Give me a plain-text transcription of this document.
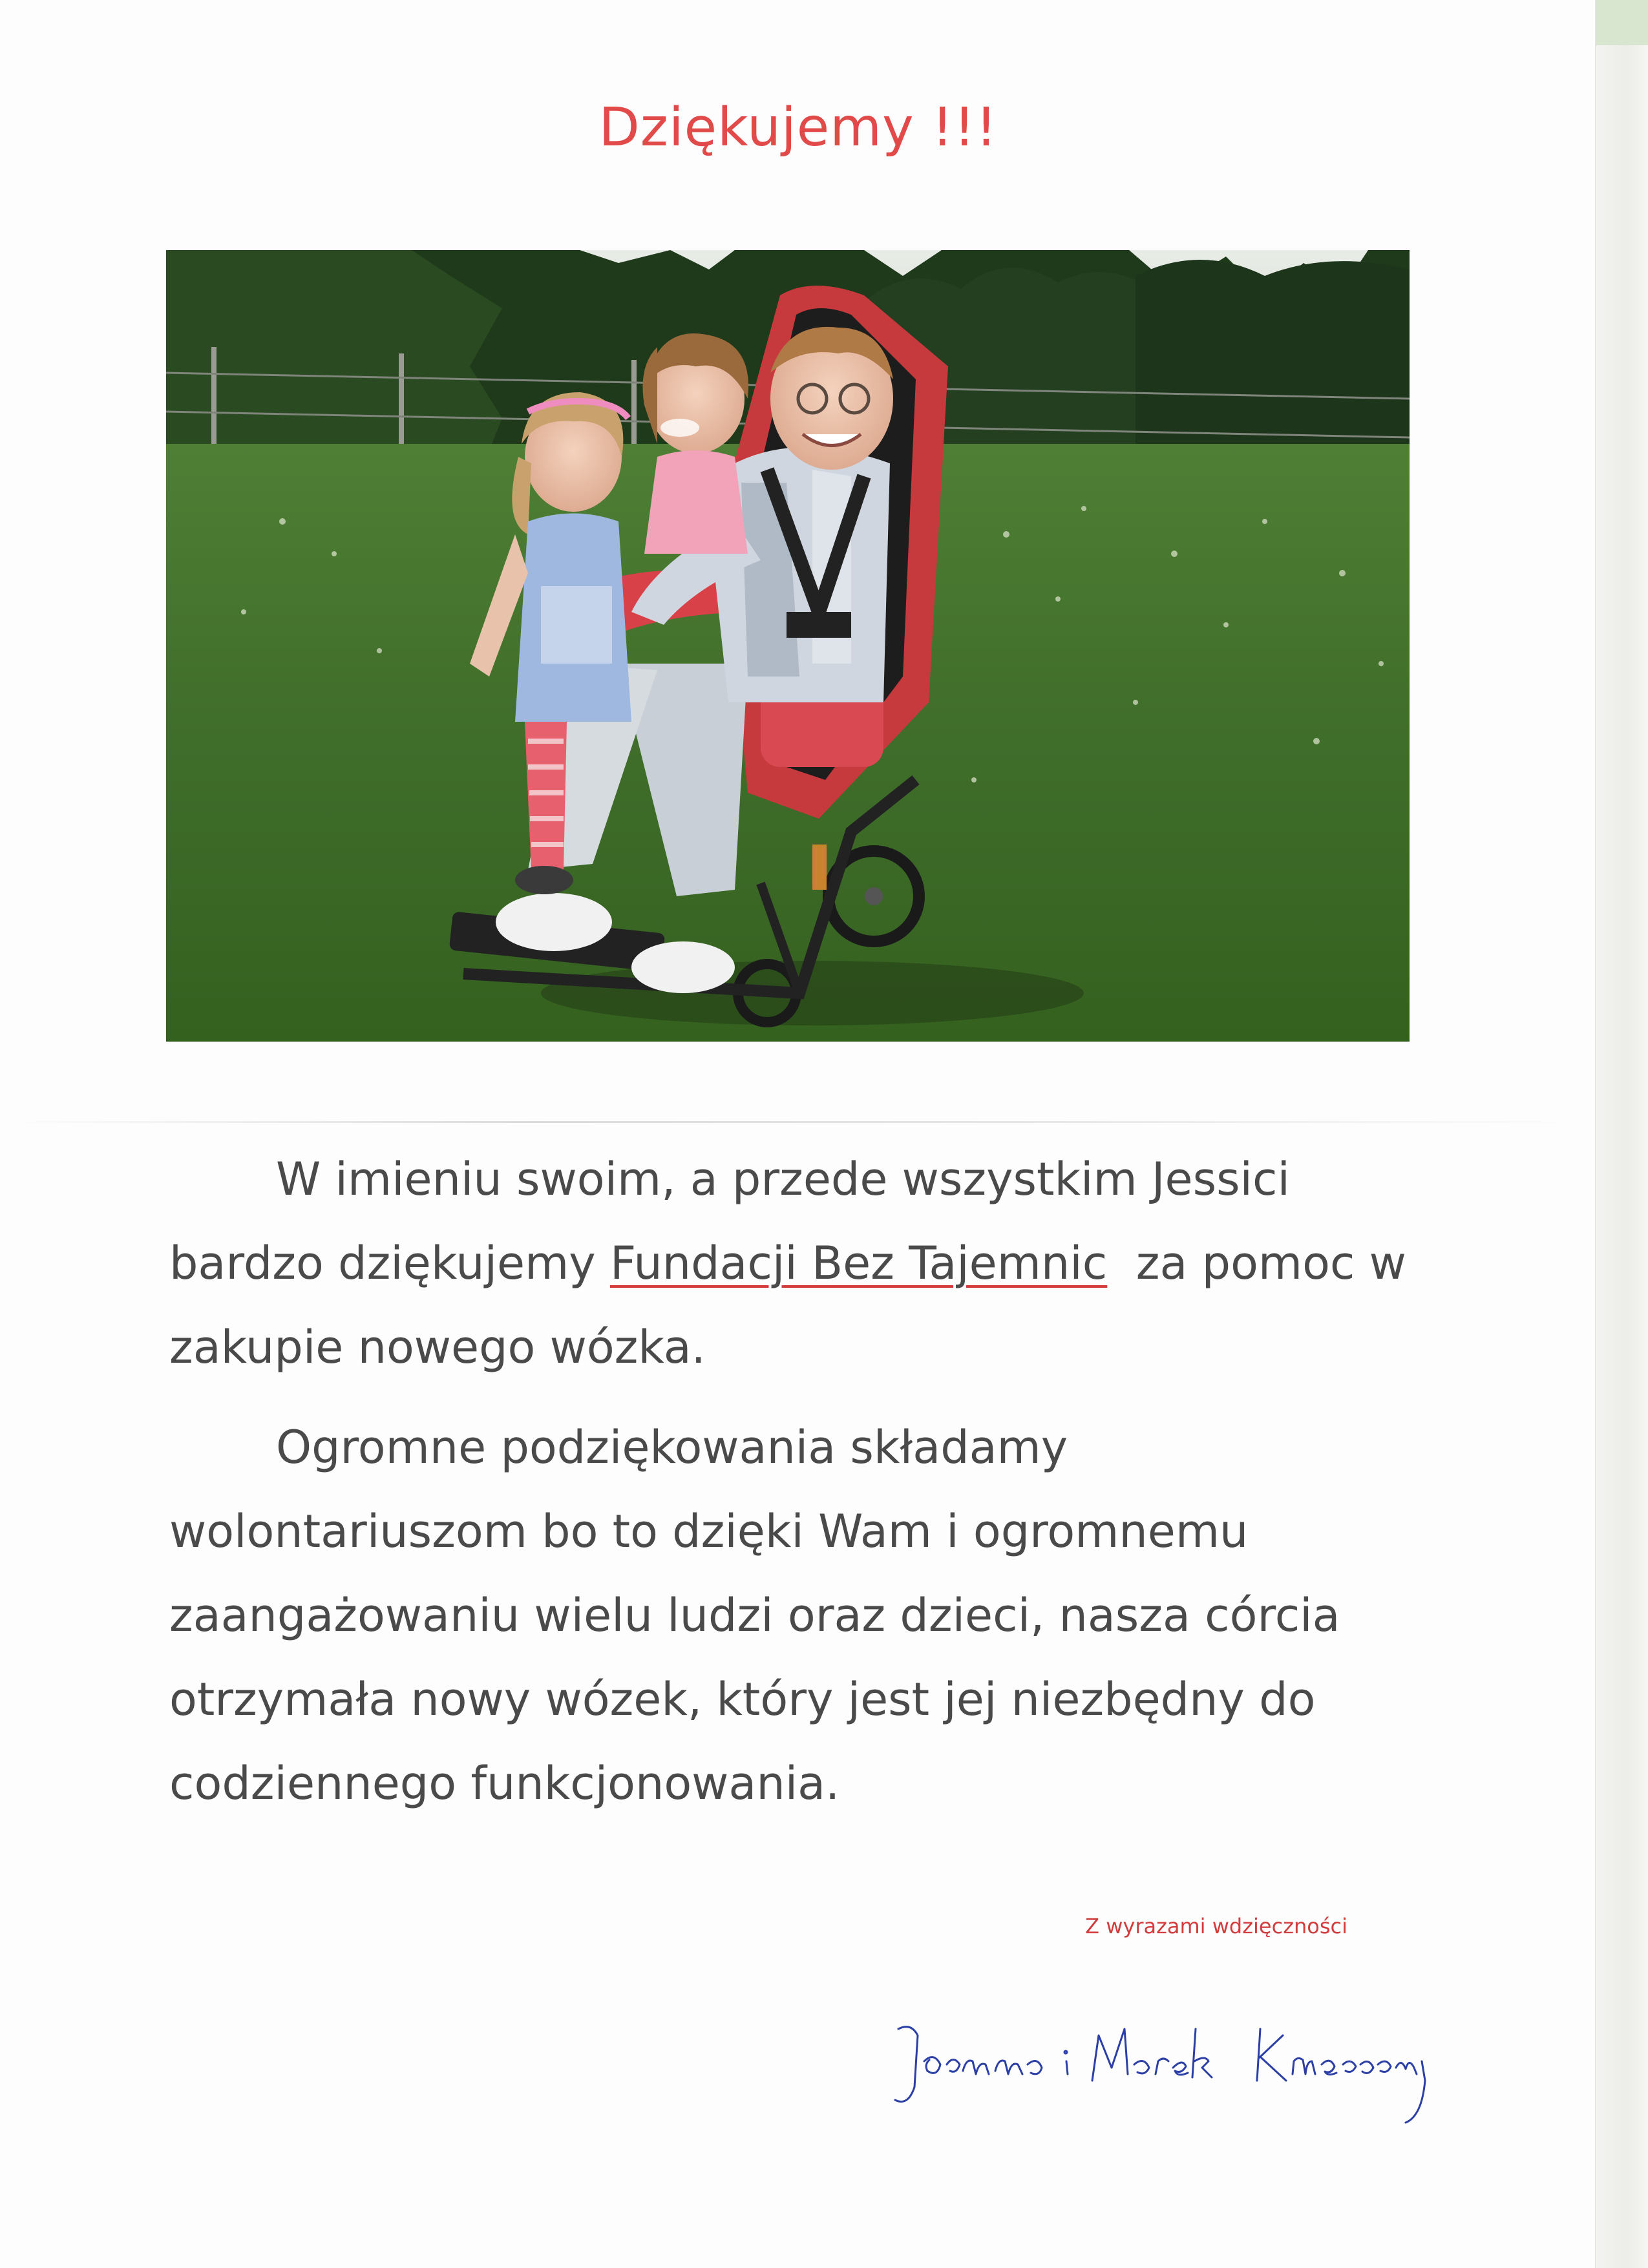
Dziękujemy !!!

W imieniu swoim, a przede wszystkim Jessici bardzo dziękujemy Fundacji Bez Tajemnic  za pomoc w zakupie nowego wózka.

Ogromne podziękowania składamy wolontariuszom bo to dzięki Wam i ogromnemu zaangażowaniu wielu ludzi oraz dzieci, nasza córcia otrzymała nowy wózek, który jest jej niezbędny do codziennego funkcjonowania.

Z wyrazami wdzięczności
